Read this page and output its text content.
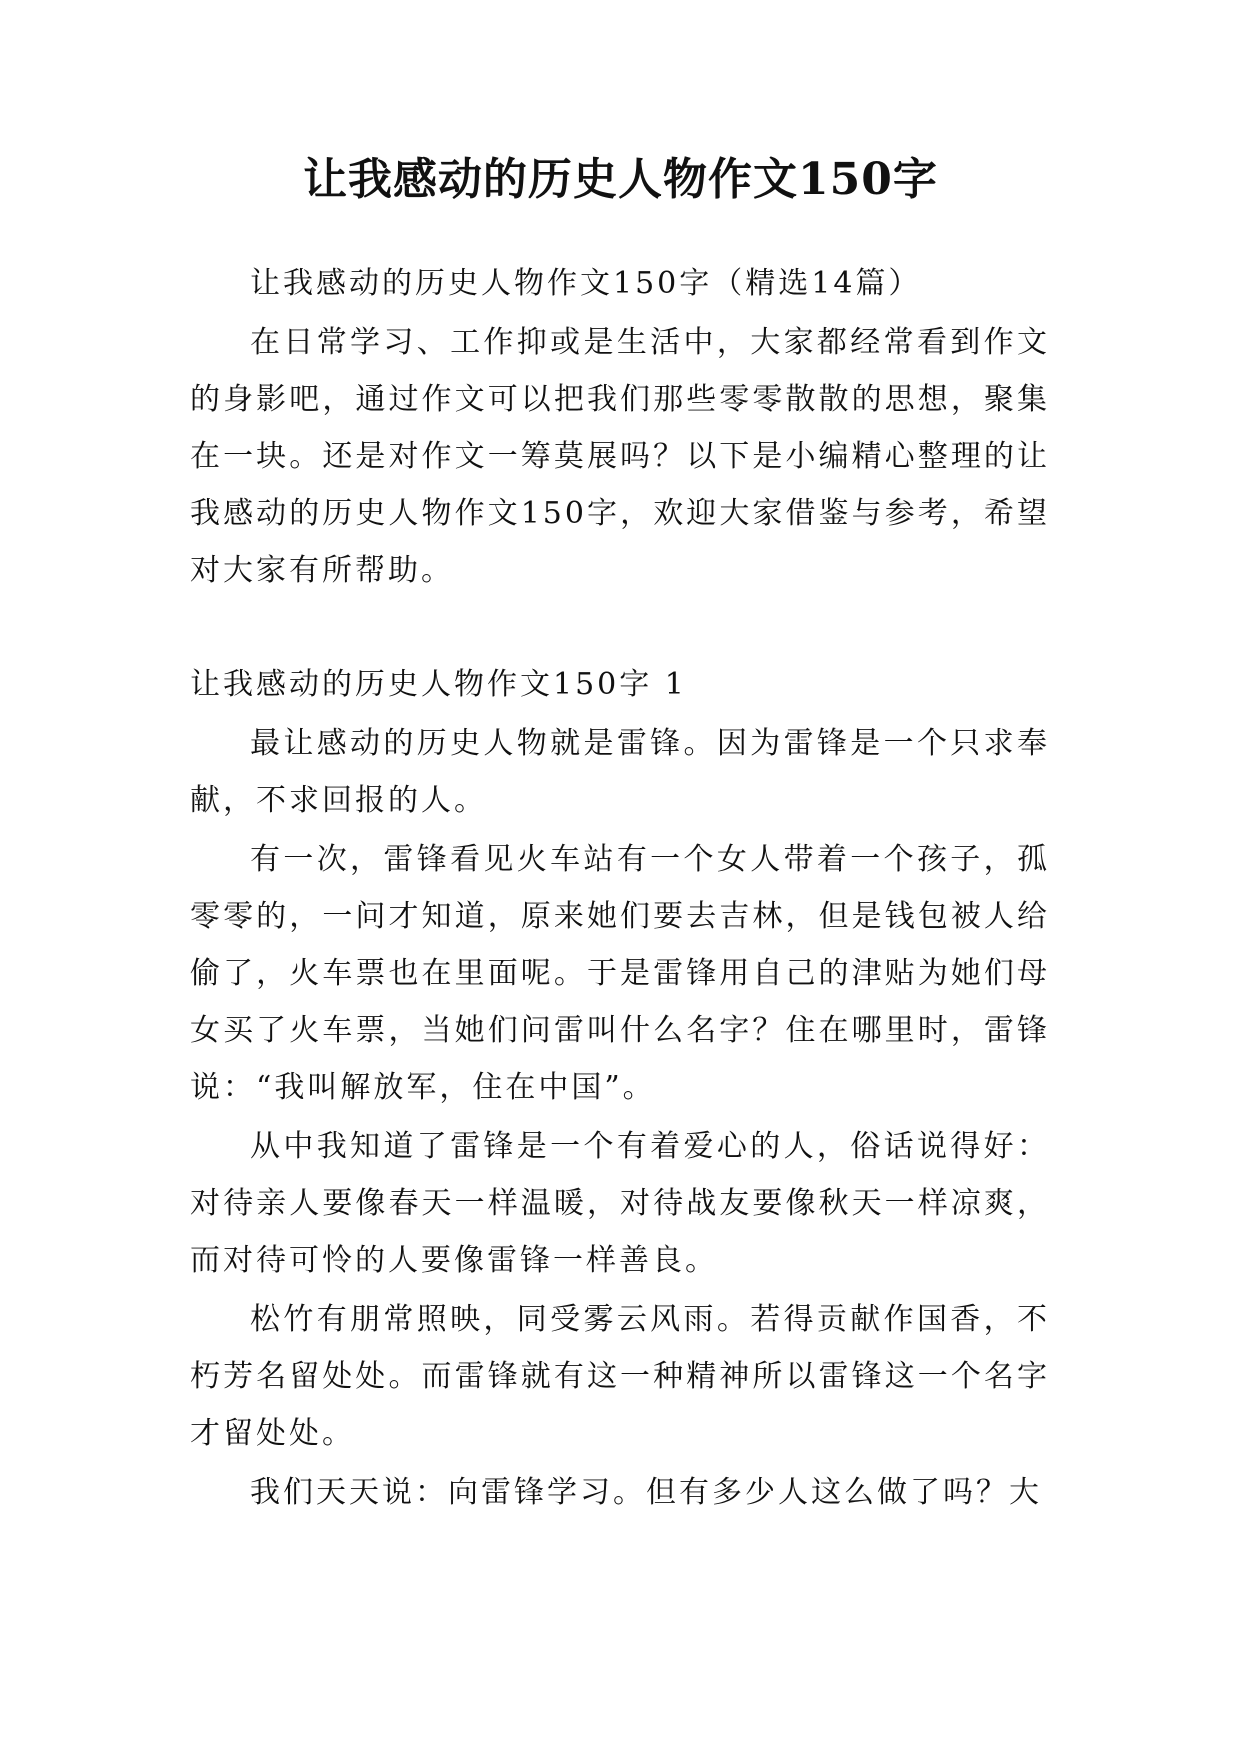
让我感动的历史人物作文150字

让我感动的历史人物作文150字（精选14篇）

在日常学习、工作抑或是生活中，大家都经常看到作文的身影吧，通过作文可以把我们那些零零散散的思想，聚集在一块。还是对作文一筹莫展吗？以下是小编精心整理的让我感动的历史人物作文150字，欢迎大家借鉴与参考，希望对大家有所帮助。

让我感动的历史人物作文150字 1

最让感动的历史人物就是雷锋。因为雷锋是一个只求奉献，不求回报的人。

有一次，雷锋看见火车站有一个女人带着一个孩子，孤零零的，一问才知道，原来她们要去吉林，但是钱包被人给偷了，火车票也在里面呢。于是雷锋用自己的津贴为她们母女买了火车票，当她们问雷叫什么名字？住在哪里时，雷锋说：“我叫解放军，住在中国”。

从中我知道了雷锋是一个有着爱心的人，俗话说得好：对待亲人要像春天一样温暖，对待战友要像秋天一样凉爽，而对待可怜的人要像雷锋一样善良。

松竹有朋常照映，同受雾云风雨。若得贡献作国香，不朽芳名留处处。而雷锋就有这一种精神所以雷锋这一个名字才留处处。

我们天天说：向雷锋学习。但有多少人这么做了吗？大
